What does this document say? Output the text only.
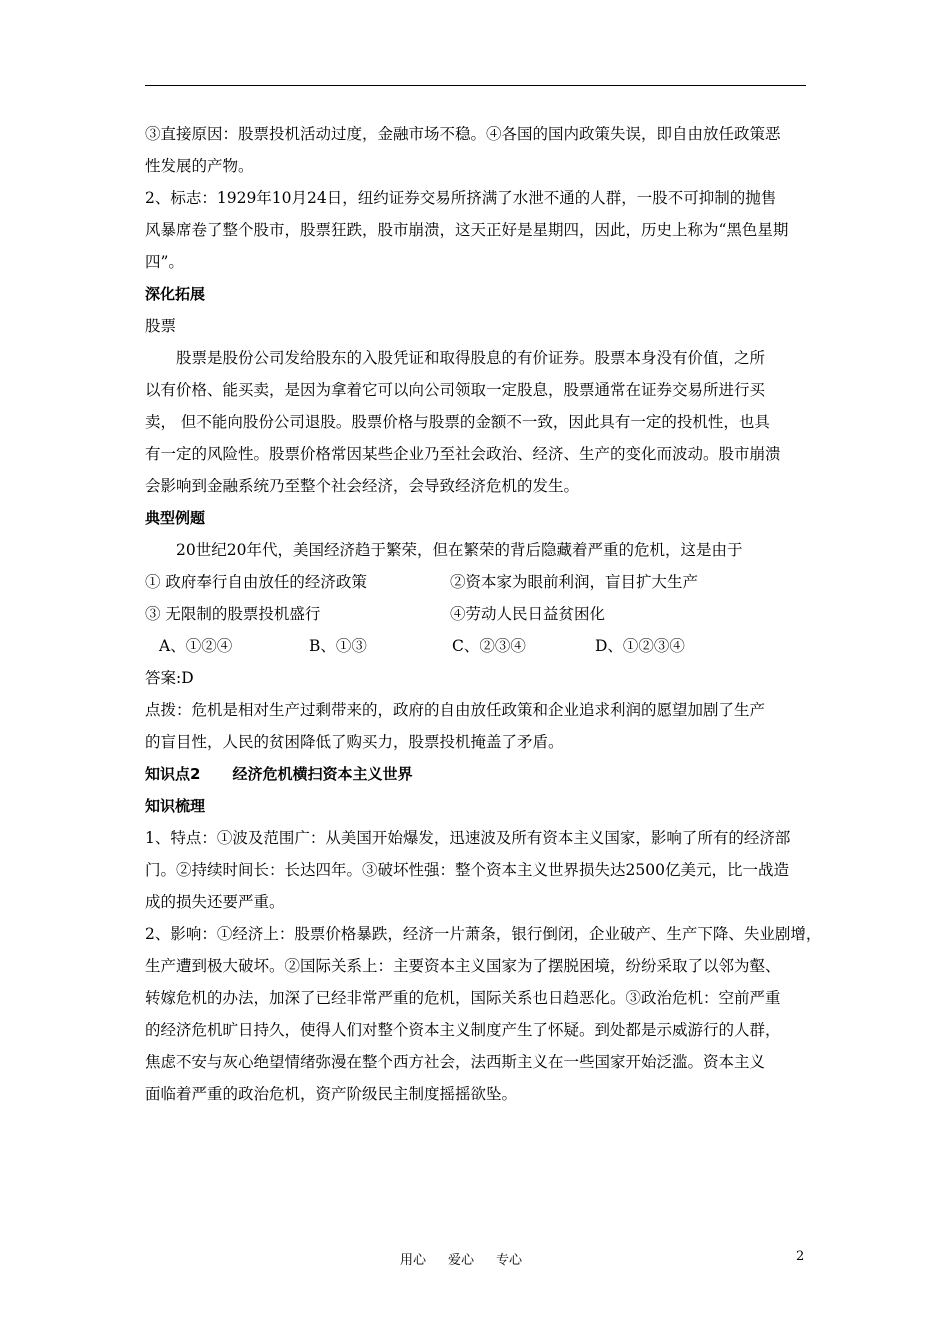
③直接原因：股票投机活动过度，金融市场不稳。④各国的国内政策失误，即自由放任政策恶

性发展的产物。

2、标志：1929年10月24日，纽约证券交易所挤满了水泄不通的人群，一股不可抑制的抛售

风暴席卷了整个股市，股票狂跌，股市崩溃，这天正好是星期四，因此，历史上称为“黑色星期

四”。

深化拓展

股票

股票是股份公司发给股东的入股凭证和取得股息的有价证券。股票本身没有价值，之所

以有价格、能买卖，是因为拿着它可以向公司领取一定股息，股票通常在证券交易所进行买

卖， 但不能向股份公司退股。股票价格与股票的金额不一致，因此具有一定的投机性，也具

有一定的风险性。股票价格常因某些企业乃至社会政治、经济、生产的变化而波动。股市崩溃

会影响到金融系统乃至整个社会经济，会导致经济危机的发生。

典型例题

20世纪20年代，美国经济趋于繁荣，但在繁荣的背后隐藏着严重的危机，这是由于

① 政府奉行自由放任的经济政策	②资本家为眼前利润，盲目扩大生产
③ 无限制的股票投机盛行	④劳动人民日益贫困化
A、①②④	B、①③	C、②③④	D、①②③④

答案:D

点拨：危机是相对生产过剩带来的，政府的自由放任政策和企业追求利润的愿望加剧了生产

的盲目性，人民的贫困降低了购买力，股票投机掩盖了矛盾。

知识点2 经济危机横扫资本主义世界

知识梳理

1、特点：①波及范围广：从美国开始爆发，迅速波及所有资本主义国家，影响了所有的经济部

门。②持续时间长：长达四年。③破坏性强：整个资本主义世界损失达2500亿美元，比一战造

成的损失还要严重。

2、影响：①经济上：股票价格暴跌，经济一片萧条，银行倒闭，企业破产、生产下降、失业剧增，

生产遭到极大破坏。②国际关系上：主要资本主义国家为了摆脱困境，纷纷采取了以邻为壑、

转嫁危机的办法，加深了已经非常严重的危机，国际关系也日趋恶化。③政治危机：空前严重

的经济危机旷日持久，使得人们对整个资本主义制度产生了怀疑。到处都是示威游行的人群，

焦虑不安与灰心绝望情绪弥漫在整个西方社会，法西斯主义在一些国家开始泛滥。资本主义

面临着严重的政治危机，资产阶级民主制度摇摇欲坠。

用心 爱心 专心	2
